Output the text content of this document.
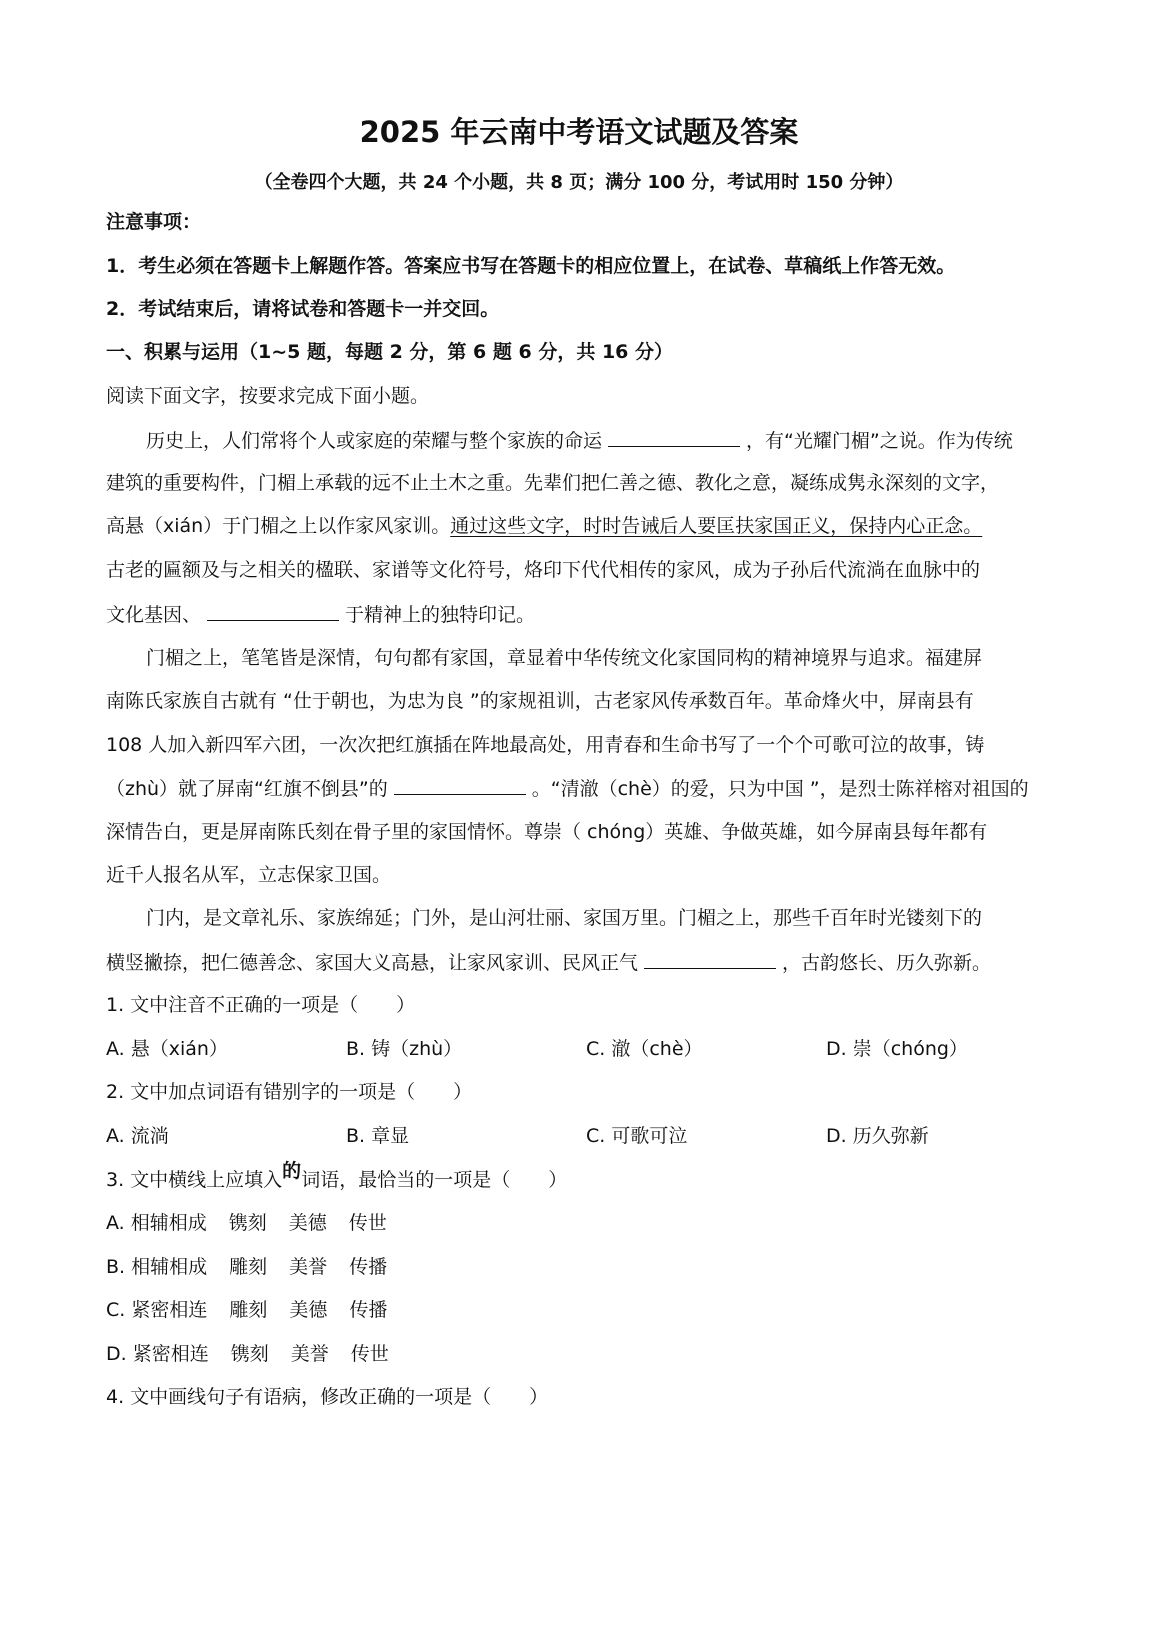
2025 年云南中考语文试题及答案
（全卷四个大题，共 24 个小题，共 8 页；满分 100 分，考试用时 150 分钟）
注意事项：
1．考生必须在答题卡上解题作答。答案应书写在答题卡的相应位置上，在试卷、草稿纸上作答无效。
2．考试结束后，请将试卷和答题卡一并交回。
一、积累与运用（1~5 题，每题 2 分，第 6 题 6 分，共 16 分）
阅读下面文字，按要求完成下面小题。
历史上，人们常将个人或家庭的荣耀与整个家族的命运	，有“光耀门楣”之说。作为传统
建筑的重要构件，门楣上承载的远不止土木之重。先辈们把仁善之德、教化之意，凝练成隽永深刻的文字，
高悬（xián）于门楣之上以作家风家训。通过这些文字，时时告诫后人要匡扶家国正义，保持内心正念。
古老的匾额及与之相关的楹联、家谱等文化符号，烙印下代代相传的家风，成为子孙后代流淌在血脉中的
文化基因、	于精神上的独特印记。
门楣之上，笔笔皆是深情，句句都有家国，章显着中华传统文化家国同构的精神境界与追求。福建屏
南陈氏家族自古就有 “仕于朝也，为忠为良 ”的家规祖训，古老家风传承数百年。革命烽火中，屏南县有
108 人加入新四军六团，一次次把红旗插在阵地最高处，用青春和生命书写了一个个可歌可泣的故事，铸
（zhù）就了屏南“红旗不倒县”的	。“清澈（chè）的爱，只为中国 ”，是烈士陈祥榕对祖国的
深情告白，更是屏南陈氏刻在骨子里的家国情怀。尊崇（ chóng）英雄、争做英雄，如今屏南县每年都有
近千人报名从军，立志保家卫国。
门内，是文章礼乐、家族绵延；门外，是山河壮丽、家国万里。门楣之上，那些千百年时光镂刻下的
横竖撇捺，把仁德善念、家国大义高悬，让家风家训、民风正气	，古韵悠长、历久弥新。
1. 文中注音不正确的一项是（　　）
A. 悬（xián）	B. 铸（zhù）	C. 澈（chè）	D. 崇（chóng）
2. 文中加点词语有错别字的一项是（　　）
A. 流淌	B. 章显	C. 可歌可泣	D. 历久弥新
3. 文中横线上应填入的词语，最恰当的一项是（　　）
A. 相辅相成 镌刻 美德 传世
B. 相辅相成 雕刻 美誉 传播
C. 紧密相连 雕刻 美德 传播
D. 紧密相连 镌刻 美誉 传世
4. 文中画线句子有语病，修改正确的一项是（　　）
